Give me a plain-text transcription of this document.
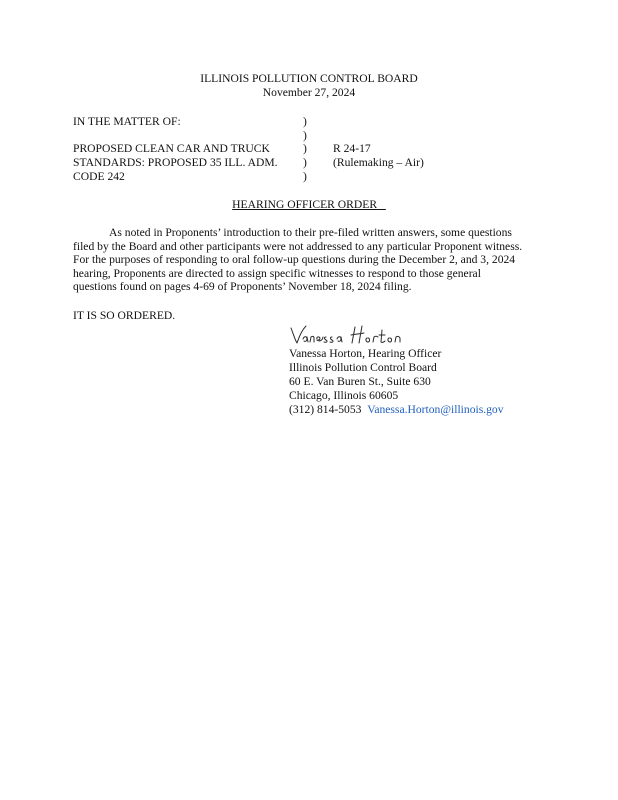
ILLINOIS POLLUTION CONTROL BOARD
November 27, 2024
IN THE MATTER OF:
PROPOSED CLEAN CAR AND TRUCK
STANDARDS: PROPOSED 35 ILL. ADM.
CODE 242
)
)
)
)
)
R 24-17
(Rulemaking – Air)
HEARING OFFICER ORDER
As noted in Proponents’ introduction to their pre-filed written answers, some questions
filed by the Board and other participants were not addressed to any particular Proponent witness.
For the purposes of responding to oral follow-up questions during the December 2, and 3, 2024
hearing, Proponents are directed to assign specific witnesses to respond to those general
questions found on pages 4-69 of Proponents’ November 18, 2024 filing.
IT IS SO ORDERED.
Vanessa Horton, Hearing Officer
Illinois Pollution Control Board
60 E. Van Buren St., Suite 630
Chicago, Illinois 60605
(312) 814-5053 Vanessa.Horton@illinois.gov
